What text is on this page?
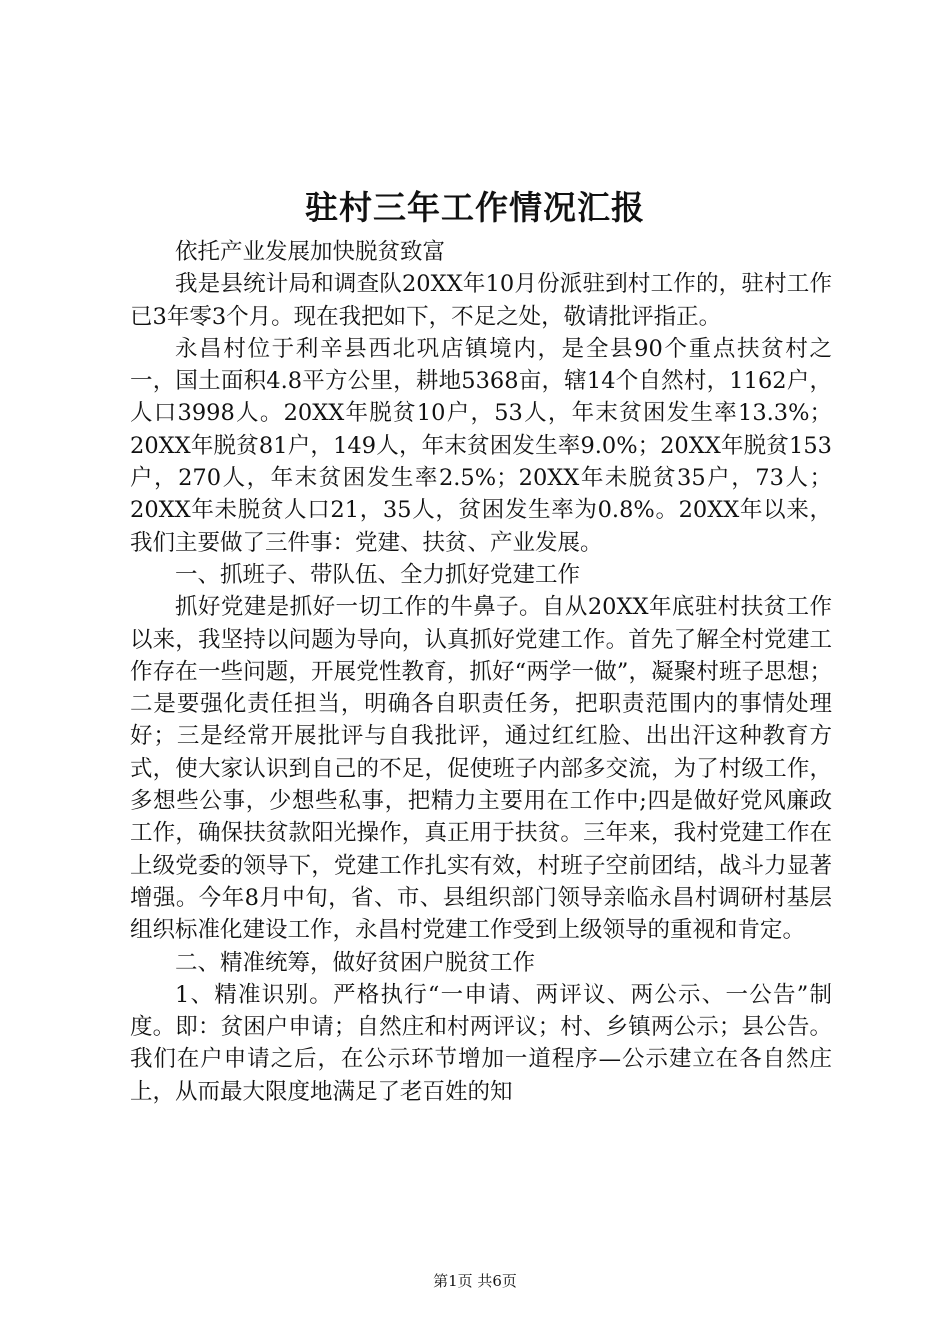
驻村三年工作情况汇报

依托产业发展加快脱贫致富

我是县统计局和调查队20XX年10月份派驻到村工作的，驻村工作已3年零3个月。现在我把如下，不足之处，敬请批评指正。

永昌村位于利辛县西北巩店镇境内，是全县90个重点扶贫村之一，国土面积4.8平方公里，耕地5368亩，辖14个自然村，1162户，人口3998人。20XX年脱贫10户，53人，年末贫困发生率13.3%；20XX年脱贫81户，149人，年末贫困发生率9.0%；20XX年脱贫153户，270人，年末贫困发生率2.5%；20XX年未脱贫35户，73人；20XX年未脱贫人口21，35人，贫困发生率为0.8%。20XX年以来，我们主要做了三件事：党建、扶贫、产业发展。

一、抓班子、带队伍、全力抓好党建工作

抓好党建是抓好一切工作的牛鼻子。自从20XX年底驻村扶贫工作以来，我坚持以问题为导向，认真抓好党建工作。首先了解全村党建工作存在一些问题，开展党性教育，抓好“两学一做”，凝聚村班子思想；二是要强化责任担当，明确各自职责任务，把职责范围内的事情处理好；三是经常开展批评与自我批评，通过红红脸、出出汗这种教育方式，使大家认识到自己的不足，促使班子内部多交流，为了村级工作，多想些公事，少想些私事，把精力主要用在工作中;四是做好党风廉政工作，确保扶贫款阳光操作，真正用于扶贫。三年来，我村党建工作在上级党委的领导下，党建工作扎实有效，村班子空前团结，战斗力显著增强。今年8月中旬，省、市、县组织部门领导亲临永昌村调研村基层组织标准化建设工作，永昌村党建工作受到上级领导的重视和肯定。

二、精准统筹，做好贫困户脱贫工作

1、精准识别。严格执行“一申请、两评议、两公示、一公告”制度。即：贫困户申请；自然庄和村两评议；村、乡镇两公示；县公告。我们在户申请之后，在公示环节增加一道程序—公示建立在各自然庄上，从而最大限度地满足了老百姓的知

第1页 共6页
